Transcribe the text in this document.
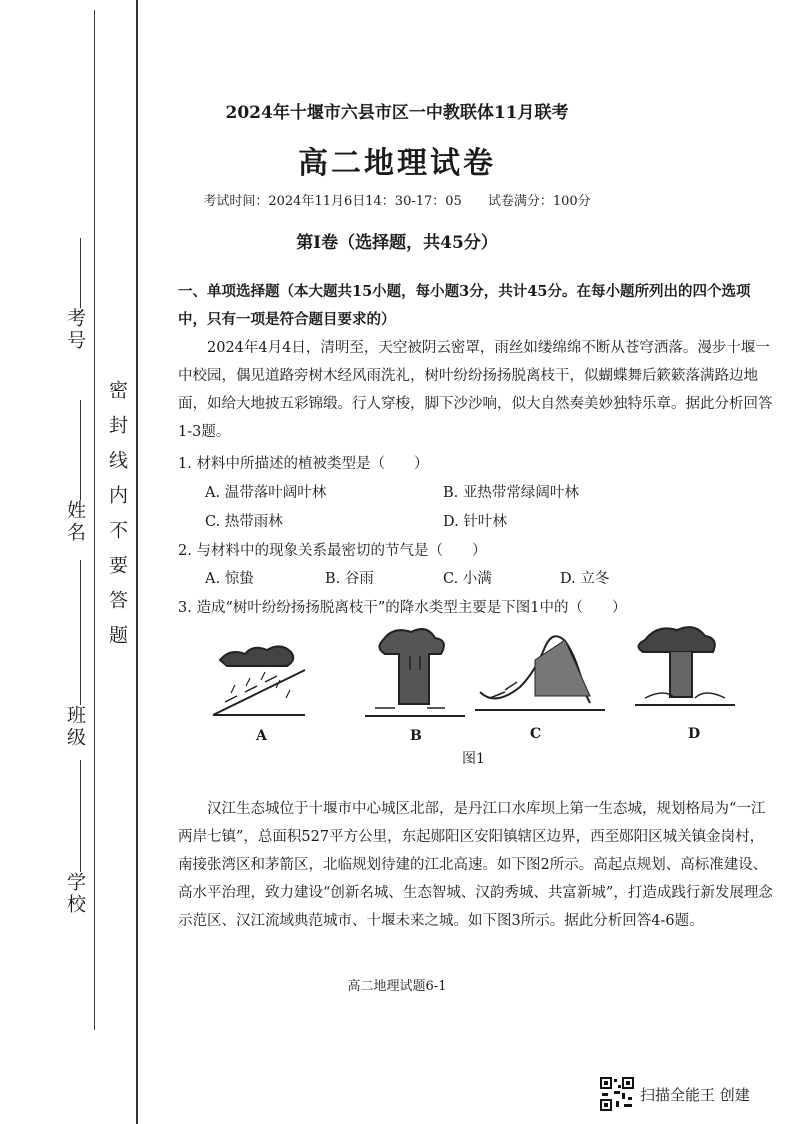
考号
姓名
班级
学校
密封线内不要答题
2024年十堰市六县市区一中教联体11月联考
高二地理试卷
考试时间：2024年11月6日14：30-17：05　　试卷满分：100分
第Ⅰ卷（选择题，共45分）
一、单项选择题（本大题共15小题，每小题3分，共计45分。在每小题所列出的四个选项中，只有一项是符合题目要求的）
2024年4月4日，清明至，天空被阴云密罩，雨丝如缕绵绵不断从苍穹洒落。漫步十堰一中校园，偶见道路旁树木经风雨洗礼，树叶纷纷扬扬脱离枝干，似蝴蝶舞后簌簌落满路边地面，如给大地披五彩锦缎。行人穿梭，脚下沙沙响，似大自然奏美妙独特乐章。据此分析回答1-3题。
1. 材料中所描述的植被类型是（　　）
A. 温带落叶阔叶林	B. 亚热带常绿阔叶林
C. 热带雨林	D. 针叶林
2. 与材料中的现象关系最密切的节气是（　　）
A. 惊蛰	B. 谷雨	C. 小满	D. 立冬
3. 造成“树叶纷纷扬扬脱离枝干”的降水类型主要是下图1中的（　　）
A	B	C	D
图1
汉江生态城位于十堰市中心城区北部，是丹江口水库坝上第一生态城，规划格局为“一江两岸七镇”，总面积527平方公里，东起郧阳区安阳镇辖区边界，西至郧阳区城关镇金岗村，南接张湾区和茅箭区，北临规划待建的江北高速。如下图2所示。高起点规划、高标准建设、高水平治理，致力建设“创新名城、生态智城、汉韵秀城、共富新城”，打造成践行新发展理念示范区、汉江流域典范城市、十堰未来之城。如下图3所示。据此分析回答4-6题。
高二地理试题6-1
扫描全能王 创建
